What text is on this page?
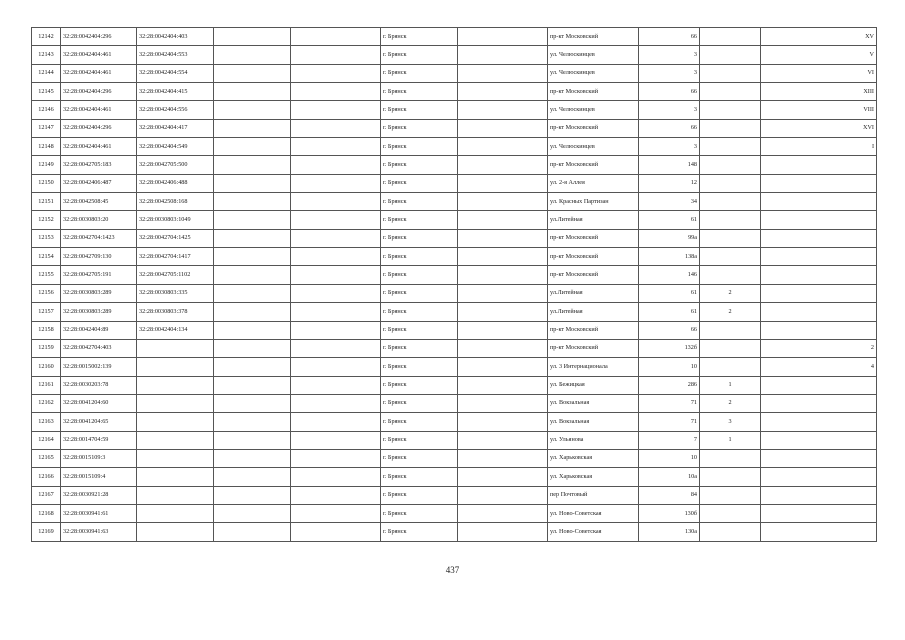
12142	32:28:0042404:296	32:28:0042404:403			г. Брянск		пр-кт Московский	66		XV
12143	32:28:0042404:461	32:28:0042404:553			г. Брянск		ул. Челюскинцев	3		V
12144	32:28:0042404:461	32:28:0042404:554			г. Брянск		ул. Челюскинцев	3		VI
12145	32:28:0042404:296	32:28:0042404:415			г. Брянск		пр-кт Московский	66		XIII
12146	32:28:0042404:461	32:28:0042404:556			г. Брянск		ул. Челюскинцев	3		VIII
12147	32:28:0042404:296	32:28:0042404:417			г. Брянск		пр-кт Московский	66		XVI
12148	32:28:0042404:461	32:28:0042404:549			г. Брянск		ул. Челюскинцев	3		I
12149	32:28:0042705:183	32:28:0042705:500			г. Брянск		пр-кт Московский	148		
12150	32:28:0042406:487	32:28:0042406:488			г. Брянск		ул. 2-я Аллея	12		
12151	32:28:0042508:45	32:28:0042508:168			г. Брянск		ул. Красных Партизан	34		
12152	32:28:0030803:20	32:28:0030803:1049			г. Брянск		ул.Литейная	61		
12153	32:28:0042704:1423	32:28:0042704:1425			г. Брянск		пр-кт Московский	99а		
12154	32:28:0042709:130	32:28:0042704:1417			г. Брянск		пр-кт Московский	138а		
12155	32:28:0042705:191	32:28:0042705:1102			г. Брянск		пр-кт Московский	146		
12156	32:28:0030803:289	32:28:0030803:335			г. Брянск		ул.Литейная	61	2	
12157	32:28:0030803:289	32:28:0030803:378			г. Брянск		ул.Литейная	61	2	
12158	32:28:0042404:89	32:28:0042404:134			г. Брянск		пр-кт Московский	66		
12159	32:28:0042704:403				г. Брянск		пр-кт Московский	132б		2
12160	32:28:0015002:139				г. Брянск		ул. 3 Интернационала	10		4
12161	32:28:0030203:78				г. Брянск		ул. Бежицкая	286	1	
12162	32:28:0041204:60				г. Брянск		ул. Вокзальная	71	2	
12163	32:28:0041204:65				г. Брянск		ул. Вокзальная	71	3	
12164	32:28:0014704:59				г. Брянск		ул. Ульянова	7	1	
12165	32:28:0015109:3				г. Брянск		ул. Харьковская	10		
12166	32:28:0015109:4				г. Брянск		ул. Харьковская	10а		
12167	32:28:0030921:28				г. Брянск		пер Почтовый	84		
12168	32:28:0030941:61				г. Брянск		ул. Ново-Советская	130б		
12169	32:28:0030941:63				г. Брянск		ул. Ново-Советская	130а		
437
